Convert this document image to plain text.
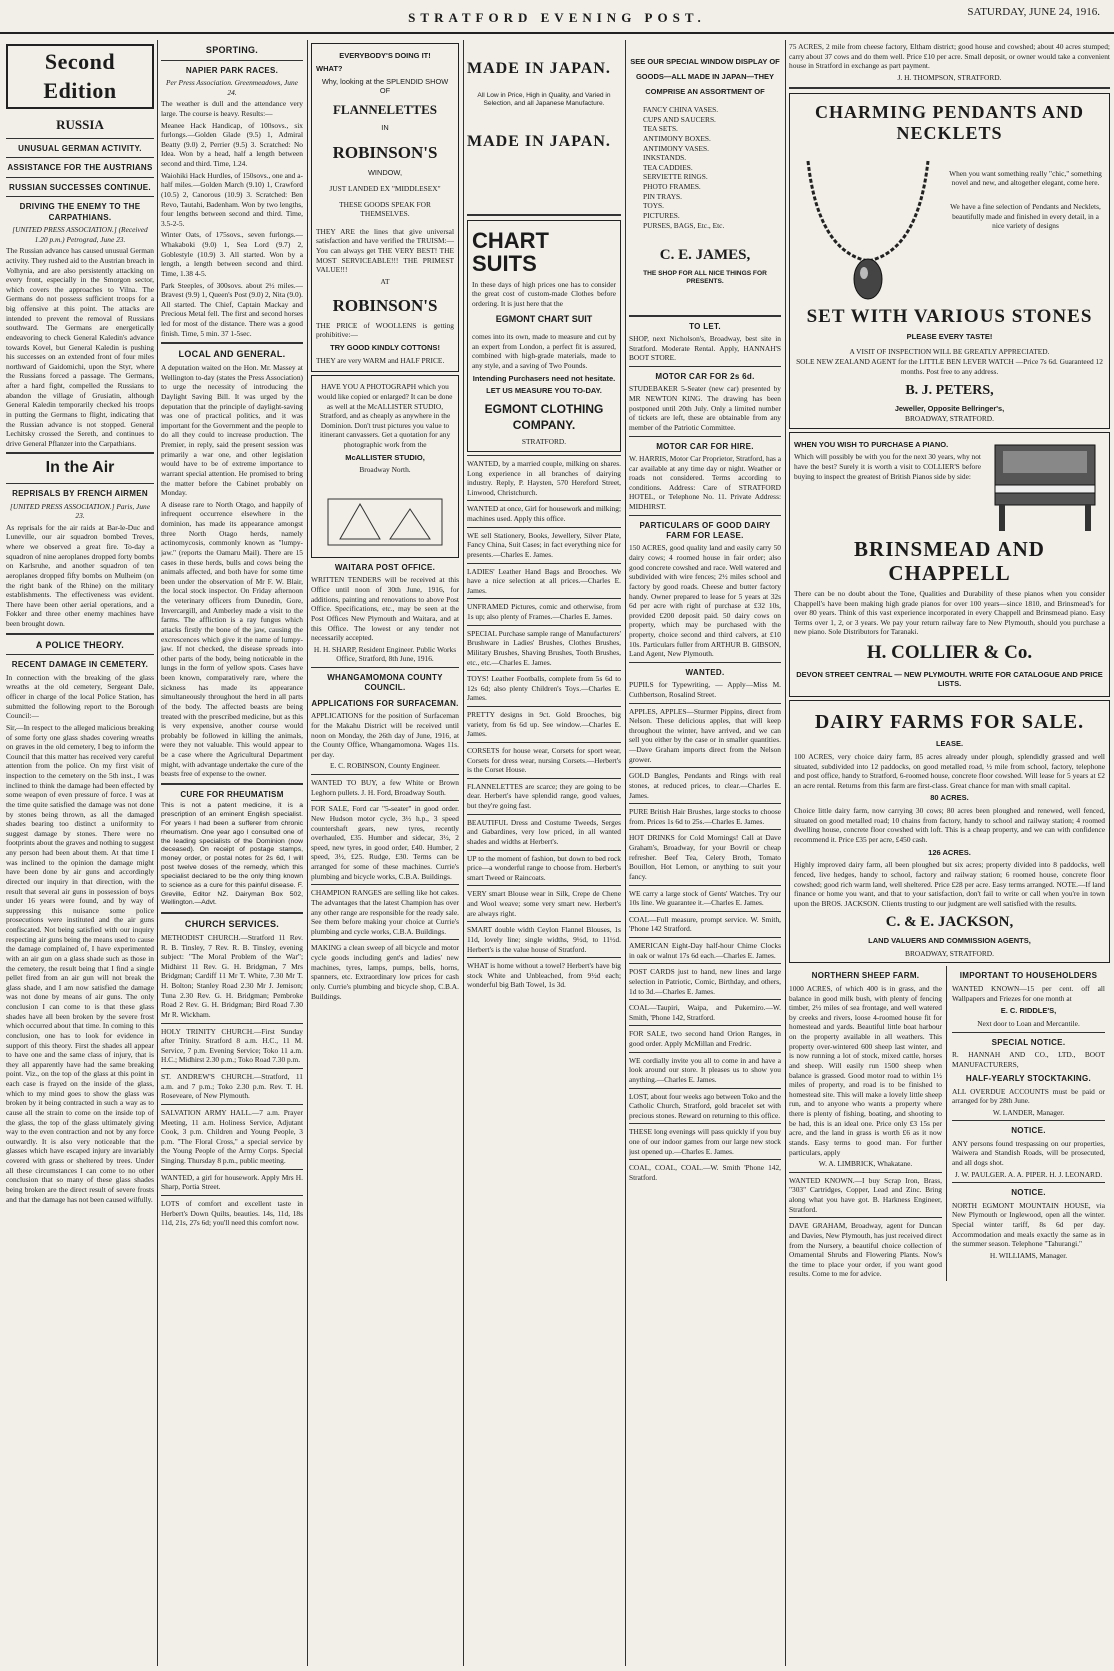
STRATFORD EVENING POST.	SATURDAY, JUNE 24, 1916.
Second Edition
RUSSIA
UNUSUAL GERMAN ACTIVITY.
ASSISTANCE FOR THE AUSTRIANS
RUSSIAN SUCCESSES CONTINUE.
DRIVING THE ENEMY TO THE CARPATHIANS.

[UNITED PRESS ASSOCIATION.] (Received 1.20 p.m.) Petrograd, June 23.

The Russian advance has caused unusual German activity. They rushed aid to the Austrian breach in Volhynia, and are also persistently attacking on every front, especially in the Smorgon sector, which covers the approaches to Vilna. The Germans do not possess sufficient troops for a big offensive at this point. The attacks are intended to prevent the removal of Russians southward. The Germans are energetically endeavoring to check General Kaledin's advance towards Kovel, but General Kaledin is pushing his successes on an extended front of four miles northward of Gaidomichi, upon the Styr, where the Russians forced a passage. The Germans, after a hard fight, compelled the Russians to abandon the village of Grusiatin, although General Kaledin temporarily checked his troops in putting the Germans to flight, indicating that the Russian advance is not stopped. General Lechitsky crossed the Sereth, and continues to drive General Pflanzer into the Carpathians.

In the Air
REPRISALS BY FRENCH AIRMEN

[UNITED PRESS ASSOCIATION.] Paris, June 23.

As reprisals for the air raids at Bar-le-Duc and Luneville, our air squadron bombed Treves, where we observed a great fire. To-day a squadron of nine aeroplanes dropped forty bombs on Karlsruhe, and another squadron of ten aeroplanes dropped fifty bombs on Mulheim (on the right bank of the Rhine) on the military establishments. The effectiveness was evident. There have been other aerial operations, and a Fokker and three other enemy machines have been brought down.

A POLICE THEORY.
RECENT DAMAGE IN CEMETERY.

In connection with the breaking of the glass wreaths at the old cemetery, Sergeant Dale, officer in charge of the local Police Station, has submitted the following report to the Borough Council:—

Sir,—In respect to the alleged malicious breaking of some forty one glass shades covering wreaths on graves in the old cemetery, I beg to inform the Council that this matter has received very careful attention from the police. On my first visit of inspection to the cemetery on the 5th inst., I was inclined to think the damage had been effected by some weapon of even pressure of force. I was at the time quite satisfied the damage was not done by stones being thrown, as all the damaged shades bearing too distinct a uniformity to suggest damage by stones. There were no footprints about the graves and nothing to suggest any person had been about them. At that time I was inclined to the opinion the damage might have been done by air guns and accordingly directed our inquiry in that direction, with the result that several air guns in possession of boys under 16 years were found, and by way of suppressing this nuisance some police prosecutions were instituted and the air guns confiscated. Not being satisfied with our inquiry respecting air guns being the means used to cause the damage complained of, I have experimented with an air gun on a glass shade such as those in the cemetery, the result being that I find a single pellet fired from an air gun will not break the glass shade, and I am now satisfied the damage was not done by means of air guns. The only conclusion I can come to is that these glass shades have all been broken by the severe frost which occurred about that time. In coming to this conclusion, one has to look for evidence in support of this theory. First the shades all appear to have one and the same class of injury, that is they all apparently have had the same breaking point. Viz., on the top of the glass at this point in each case is frayed on the inside of the glass, which to my mind goes to show the glass was broken by it being contracted in such a way as to cause all the strain to come on the inside top of the glass, the top of the glass ultimately giving way to the even contraction and not by any force outwardly. It is also very noticeable that the glasses which have escaped injury are invariably covered with grass or sheltered by trees. Under all these circumstances I can come to no other conclusion that so many of these glass shades being broken are the direct result of severe frosts and that the damage has not been caused wilfully.

SPORTING.
NAPIER PARK RACES.

Per Press Association. Greenmeadows, June 24.

The weather is dull and the attendance very large. The course is heavy. Results:—

Meanee Hack Handicap, of 100sovs., six furlongs.—Golden Glade (9.5) 1, Admiral Beatty (9.0) 2, Perrier (9.5) 3. Scratched: No Idea. Won by a head, half a length between second and third. Time, 1.24.

Waiohiki Hack Hurdles, of 150sovs., one and a-half miles.—Golden March (9.10) 1, Crawford (10.5) 2, Canorous (10.9) 3. Scratched: Ben Revo, Tautahi, Badenham. Won by two lengths, four lengths between second and third. Time, 3.5-2-5.

Winter Oats, of 175sovs., seven furlongs.—Whakaboki (9.0) 1, Sea Lord (9.7) 2, Goblestyle (10.9) 3. All started. Won by a length, a length between second and third. Time, 1.38 4-5.

Park Steeples, of 300sovs. about 2½ miles.—Bravest (9.9) 1, Queen's Post (9.0) 2, Nita (9.0). All started. The Chief, Captain Mackay and Precious Metal fell. The first and second horses led for most of the distance. There was a good finish. Time, 5 min. 37 1-5sec.

LOCAL AND GENERAL.

A deputation waited on the Hon. Mr. Massey at Wellington to-day (states the Press Association) to urge the necessity of introducing the Daylight Saving Bill. It was urged by the deputation that the principle of daylight-saving was one of practical politics, and it was important for the Government and the people to do all they could to increase production. The Premier, in reply, said the present session was primarily a war one, and other legislation would have to be of extreme importance to warrant special attention. He promised to bring the matter before the Cabinet probably on Monday.

A disease rare to North Otago, and happily of infrequent occurrence elsewhere in the dominion, has made its appearance amongst three North Otago herds, namely actinomycosis, commonly known as "lumpy-jaw." (reports the Oamaru Mail). There are 15 cases in these herds, bulls and cows being the animals affected, and both have for some time been under the observation of Mr F. W. Blair, the local stock inspector. On Friday afternoon the veterinary officers from Dunedin, Gore, Invercargill, and Amberley made a visit to the farms. The affliction is a ray fungus which attacks firstly the bone of the jaw, causing the excrescences which give it the name of lumpy-jaw. If not checked, the disease spreads into other parts of the body, being noticeable in the lungs in the form of yellow spots. Cases have been known, comparatively rare, where the sickness has made its appearance simultaneously throughout the herd in all parts of the body. The affected beasts are being treated with the prescribed medicine, but as this is very expensive, another course would probably be followed in killing the animals, were they not valuable. This would appear to be a case where the Agricultural Department might, with advantage undertake the cure of the beasts free of expense to the owner.

CURE FOR RHEUMATISM

This is not a patent medicine, it is a prescription of an eminent English specialist. For years I had been a sufferer from chronic rheumatism. One year ago I consulted one of the leading specialists of the Dominion (now deceased). On receipt of postage stamps, money order, or postal notes for 2s 6d, I will post twelve doses of the remedy, which this specialist declared to be the only thing known to science as a cure for this painful disease. F. Greville, Editor NZ. Dairyman Box 502, Wellington.—Advt.

CHURCH SERVICES.

METHODIST CHURCH.—Stratford 11 Rev. R. B. Tinsley, 7 Rev. R. B. Tinsley, evening subject: "The Moral Problem of the War"; Midhirst 11 Rev. G. H. Bridgman, 7 Mrs Bridgman; Cardiff 11 Mr T. White, 7.30 Mr T. H. Bolton; Stanley Road 2.30 Mr J. Jemison; Tuna 2.30 Rev. G. H. Bridgman; Pembroke Road 2 Rev. G. H. Bridgman; Bird Road 7.30 Mr R. Wickham.

HOLY TRINITY CHURCH.—First Sunday after Trinity. Stratford 8 a.m. H.C., 11 M. Service, 7 p.m. Evening Service; Toko 11 a.m. H.C.; Midhirst 2.30 p.m.; Toko Road 7.30 p.m.

ST. ANDREW'S CHURCH.—Stratford, 11 a.m. and 7 p.m.; Toko 2.30 p.m. Rev. T. H. Roseveare, of New Plymouth.

SALVATION ARMY HALL.—7 a.m. Prayer Meeting, 11 a.m. Holiness Service, Adjutant Cook, 3 p.m. Children and Young People, 3 p.m. "The Floral Cross," a special service by the Young People of the Army Corps. Special Singing. Thursday 8 p.m., public meeting.

WANTED, a girl for housework. Apply Mrs H. Sharp, Portia Street.

LOTS of comfort and excellent taste in Herbert's Down Quilts, beauties. 14s, 11d, 18s 11d, 21s, 27s 6d; you'll need this comfort now.

EVERYBODY'S DOING IT!
WHAT?
Why, looking at the SPLENDID SHOW OF
FLANNELETTES
IN
ROBINSON'S
WINDOW,
JUST LANDED EX "MIDDLESEX"
THESE GOODS SPEAK FOR THEMSELVES.

THEY ARE the lines that give universal satisfaction and have verified the TRUISM:—You can always get THE VERY BEST! THE MOST SERVICEABLE!!! THE PRIMEST VALUE!!!

AT
ROBINSON'S

THE PRICE of WOOLLENS is getting prohibitive:—

TRY GOOD KINDLY COTTONS!

THEY are very WARM and HALF PRICE.

HAVE YOU A PHOTOGRAPH which you would like copied or enlarged? It can be done as well at the McALLISTER STUDIO, Stratford, and as cheaply as anywhere in the Dominion. Don't trust pictures you value to itinerant canvassers. Get a quotation for any photographic work from the

McALLISTER STUDIO,
Broadway North.
WAITARA POST OFFICE.

WRITTEN TENDERS will be received at this Office until noon of 30th June, 1916, for additions, painting and renovations to above Post Office. Specifications, etc., may be seen at the Post Offices New Plymouth and Waitara, and at this Office. The lowest or any tender not necessarily accepted.

H. H. SHARP, Resident Engineer. Public Works Office, Stratford, 8th June, 1916.

WHANGAMOMONA COUNTY COUNCIL.
APPLICATIONS FOR SURFACEMAN.

APPLICATIONS for the position of Surfaceman for the Makahu District will be received until noon on Monday, the 26th day of June, 1916, at the County Office, Whangamomona. Wages 11s. per day.

E. C. ROBINSON, County Engineer.

WANTED TO BUY, a few White or Brown Leghorn pullets. J. H. Ford, Broadway South.

FOR SALE, Ford car "5-seater" in good order. New Hudson motor cycle, 3½ h.p., 3 speed countershaft gears, new tyres, recently overhauled, £35. Humber and sidecar, 3½, 2 speed, new tyres, in good order, £40. Humber, 2 speed, 3½, £25. Rudge, £30. Terms can be arranged for some of these machines. Currie's plumbing and bicycle works, C.B.A. Buildings.

CHAMPION RANGES are selling like hot cakes. The advantages that the latest Champion has over any other range are responsible for the ready sale. See them before making your choice at Currie's plumbing and cycle works, C.B.A. Buildings.

MAKING a clean sweep of all bicycle and motor cycle goods including gent's and ladies' new machines, tyres, lamps, pumps, bells, horns, spanners, etc. Extraordinary low prices for cash only. Currie's plumbing and bicycle shop, C.B.A. Buildings.

MADE IN JAPAN.

All Low in Price, High in Quality, and Varied in Selection, and all Japanese Manufacture.

MADE IN JAPAN.
CHART SUITS

In these days of high prices one has to consider the great cost of custom-made Clothes before ordering. It is just here that the

EGMONT CHART SUIT

comes into its own, made to measure and cut by an expert from London, a perfect fit is assured, combined with high-grade materials, made to any style, and a saving of Two Pounds.

Intending Purchasers need not hesitate.
LET US MEASURE YOU TO-DAY.
EGMONT CLOTHING COMPANY.
STRATFORD.

WANTED, by a married couple, milking on shares. Long experience in all branches of dairying industry. Reply, P. Haysten, 570 Hereford Street, Linwood, Christchurch.

WANTED at once, Girl for housework and milking; machines used. Apply this office.

WE sell Stationery, Books, Jewellery, Silver Plate, Fancy China, Suit Cases; in fact everything nice for presents.—Charles E. James.

LADIES' Leather Hand Bags and Brooches. We have a nice selection at all prices.—Charles E. James.

UNFRAMED Pictures, comic and otherwise, from 1s up; also plenty of Frames.—Charles E. James.

SPECIAL Purchase sample range of Manufacturers' Brushware in Ladies' Brushes, Clothes Brushes, Military Brushes, Shaving Brushes, Tooth Brushes, etc., etc.—Charles E. James.

TOYS! Leather Footballs, complete from 5s 6d to 12s 6d; also plenty Children's Toys.—Charles E. James.

PRETTY designs in 9ct. Gold Brooches, big variety, from 6s 6d up. See window.—Charles E. James.

CORSETS for house wear, Corsets for sport wear, Corsets for dress wear, nursing Corsets.—Herbert's is the Corset House.

FLANNELETTES are scarce; they are going to be dear. Herbert's have splendid range, good values, but they're going fast.

BEAUTIFUL Dress and Costume Tweeds, Serges and Gabardines, very low priced, in all wanted shades and widths at Herbert's.

UP to the moment of fashion, but down to bed rock price—a wonderful range to choose from. Herbert's smart Tweed or Raincoats.

VERY smart Blouse wear in Silk, Crepe de Chene and Wool weave; some very smart new. Herbert's are always right.

SMART double width Ceylon Flannel Blouses, 1s 11d, lovely line; single widths, 9½d, to 11½d. Herbert's is the value house of Stratford.

WHAT is home without a towel? Herbert's have big stock White and Unbleached, from 9½d each; wonderful big Bath Towel, 1s 3d.

SEE OUR SPECIAL WINDOW DISPLAY OF GOODS—ALL MADE IN JAPAN—THEY COMPRISE AN ASSORTMENT OF
FANCY CHINA VASES.
CUPS AND SAUCERS.
TEA SETS.
ANTIMONY BOXES.
ANTIMONY VASES.
INKSTANDS.
TEA CADDIES.
SERVIETTE RINGS.
PHOTO FRAMES.
PIN TRAYS.
TOYS.
PICTURES.
PURSES, BAGS, Etc., Etc.
C. E. JAMES,
THE SHOP FOR ALL NICE THINGS FOR PRESENTS.
TO LET.

SHOP, next Nicholson's, Broadway, best site in Stratford. Moderate Rental. Apply, HANNAH'S BOOT STORE.

MOTOR CAR FOR 2s 6d.

STUDEBAKER 5-Seater (new car) presented by MR NEWTON KING. The drawing has been postponed until 20th July. Only a limited number of tickets are left, these are obtainable from any member of the Patriotic Committee.

MOTOR CAR FOR HIRE.

W. HARRIS, Motor Car Proprietor, Stratford, has a car available at any time day or night. Weather or roads not considered. Terms according to conditions. Address: Care of STRATFORD HOTEL, or Telephone No. 11. Private Address: MIDHIRST.

PARTICULARS OF GOOD DAIRY FARM FOR LEASE.

150 ACRES, good quality land and easily carry 50 dairy cows; 4 roomed house in fair order; also good concrete cowshed and race. Well watered and subdivided with wire fences; 2½ miles school and factory by good roads. Cheese and butter factory handy. Owner prepared to lease for 5 years at 32s 6d per acre with right of purchase at £32 10s, provided £200 deposit paid. 50 dairy cows on property, which may be purchased with the property, choice second and third calvers, at £10 10s. Particulars fuller from ARTHUR B. GIBSON, Land Agent, New Plymouth.

WANTED.

PUPILS for Typewriting, — Apply—Miss M. Cuthbertson, Rosalind Street.

APPLES, APPLES—Sturmer Pippins, direct from Nelson. These delicious apples, that will keep throughout the winter, have arrived, and we can sell you either by the case or in smaller quantities.—Dave Graham imports direct from the Nelson grower.

GOLD Bangles, Pendants and Rings with real stones, at reduced prices, to clear.—Charles E. James.

PURE British Hair Brushes, large stocks to choose from. Prices 1s 6d to 25s.—Charles E. James.

HOT DRINKS for Cold Mornings! Call at Dave Graham's, Broadway, for your Bovril or cheap refresher. Beef Tea, Celery Broth, Tomato Bouillon, Hot Lemon, or anything to suit your fancy.

WE carry a large stock of Gents' Watches. Try our 10s line. We guarantee it.—Charles E. James.

COAL—Full measure, prompt service. W. Smith, 'Phone 142 Stratford.

AMERICAN Eight-Day half-hour Chime Clocks in oak or walnut 17s 6d each.—Charles E. James.

POST CARDS just to hand, new lines and large selection in Patriotic, Comic, Birthday, and others, 1d to 3d.—Charles E. James.

COAL—Taupiri, Waipa, and Pukemiro.—W. Smith, 'Phone 142, Stratford.

FOR SALE, two second hand Orion Ranges, in good order. Apply McMillan and Fredric.

WE cordially invite you all to come in and have a look around our store. It pleases us to show you anything.—Charles E. James.

LOST, about four weeks ago between Toko and the Catholic Church, Stratford, gold bracelet set with precious stones. Reward on returning to this office.

THESE long evenings will pass quickly if you buy one of our indoor games from our large new stock just opened up.—Charles E. James.

COAL, COAL, COAL.—W. Smith 'Phone 142, Stratford.

75 ACRES, 2 mile from cheese factory, Eltham district; good house and cowshed; about 40 acres stumped; carry about 37 cows and do them well. Price £10 per acre. Small deposit, or owner would take a convenient house in Stratford in exchange as part payment.

J. H. THOMPSON, STRATFORD.

CHARMING PENDANTS AND NECKLETS

When you want something really "chic," something novel and new, and altogether elegant, come here.

We have a fine selection of Pendants and Necklets, beautifully made and finished in every detail, in a nice variety of designs

SET WITH VARIOUS STONES
PLEASE EVERY TASTE!
A VISIT OF INSPECTION WILL BE GREATLY APPRECIATED.
SOLE NEW ZEALAND AGENT for the LITTLE BEN LEVER WATCH —Price 7s 6d. Guaranteed 12 months. Post free to any address.
B. J. PETERS,
Jeweller, Opposite Bellringer's,
BROADWAY, STRATFORD.
WHEN YOU WISH TO PURCHASE A PIANO.

Which will possibly be with you for the next 30 years, why not have the best? Surely it is worth a visit to COLLIER'S before buying to inspect the greatest of British Pianos side by side:

BRINSMEAD AND CHAPPELL

There can be no doubt about the Tone, Qualities and Durability of these pianos when you consider Chappell's have been making high grade pianos for over 100 years—since 1810, and Brinsmead's for over 80 years. Think of this vast experience incorporated in every Chappell and Brinsmead piano. Easy Terms over 1, 2, or 3 years. We pay your return railway fare to New Plymouth, should you purchase a new piano. Sole Distributors for Taranaki.

H. COLLIER & Co.
DEVON STREET CENTRAL — NEW PLYMOUTH. WRITE FOR CATALOGUE AND PRICE LISTS.
DAIRY FARMS FOR SALE.
LEASE.

100 ACRES, very choice dairy farm, 85 acres already under plough, splendidly grassed and well situated, subdivided into 12 paddocks, on good metalled road, ½ mile from school, factory, telephone and post office, handy to Stratford, 6-roomed house, concrete floor cowshed. Will lease for 5 years at £2 an acre rental. Returns from this farm are first-class. Great chance for man with small capital.

80 ACRES.

Choice little dairy farm, now carrying 30 cows; 80 acres been ploughed and renewed, well fenced, situated on good metalled road; 10 chains from factory, handy to school and railway station; 4 roomed dwelling house, concrete floor cowshed with loft. This is a cheap property, and we can with confidence recommend it. Price £35 per acre, £450 cash.

126 ACRES.

Highly improved dairy farm, all been ploughed but six acres; property divided into 8 paddocks, well fenced, live hedges, handy to school, factory and railway station; 6 roomed house, concrete floor cowshed; good rich warm land, well sheltered. Price £28 per acre. Easy terms arranged. NOTE.—If land finance or home you want, and that to your satisfaction, don't fail to write or call when you're in town upon the BROS. JACKSON. Clients trusting to our judgment are well satisfied with the results.

C. & E. JACKSON,
LAND VALUERS AND COMMISSION AGENTS,
BROADWAY, STRATFORD.
NORTHERN SHEEP FARM.

1000 ACRES, of which 400 is in grass, and the balance in good milk bush, with plenty of fencing timber, 2½ miles of sea frontage, and well watered by creeks and rivers, loose 4-roomed house fit for homestead and yards. Beautiful little boat harbour on the property available in all weathers. This property over-wintered 600 sheep last winter, and is now running a lot of stock, mixed cattle, horses and sheep. Will easily run 1500 sheep when balance is grassed. Good motor road to within 1½ miles of property, and road is to be finished to homestead site. This will make a lovely little sheep run, and to anyone who wants a property where there is plenty of fishing, boating, and shooting to be had, this is an ideal one. Price only £3 15s per acre, and the land in grass is worth £6 as it now stands. Easy terms to good man. For further particulars, apply

W. A. LIMBRICK, Whakatane.

WANTED KNOWN.—I buy Scrap Iron, Brass, "303" Cartridges, Copper, Lead and Zinc. Bring along what you have got. B. Harkness Engineer, Stratford.

DAVE GRAHAM, Broadway, agent for Duncan and Davies, New Plymouth, has just received direct from the Nursery, a beautiful choice collection of Ornamental Shrubs and Flowering Plants. Now's the time to place your order, if you want good results. Come to me for advice.

IMPORTANT TO HOUSEHOLDERS

WANTED KNOWN—15 per cent. off all Wallpapers and Friezes for one month at

E. C. RIDDLE'S,
Next door to Loan and Mercantile.
SPECIAL NOTICE.

R. HANNAH AND CO., LTD., BOOT MANUFACTURERS,

HALF-YEARLY STOCKTAKING.

ALL OVERDUE ACCOUNTS must be paid or arranged for by 28th June.

W. LANDER, Manager.

NOTICE.

ANY persons found trespassing on our properties, Waiwera and Standish Roads, will be prosecuted, and all dogs shot.

J. W. PAULGER. A. A. PIPER. H. J. LEONARD.

NOTICE.

NORTH EGMONT MOUNTAIN HOUSE, via New Plymouth or Inglewood, open all the winter. Special winter tariff, 8s 6d per day. Accommodation and meals exactly the same as in the summer season. Telephone "Tahurangi."

H. WILLIAMS, Manager.
